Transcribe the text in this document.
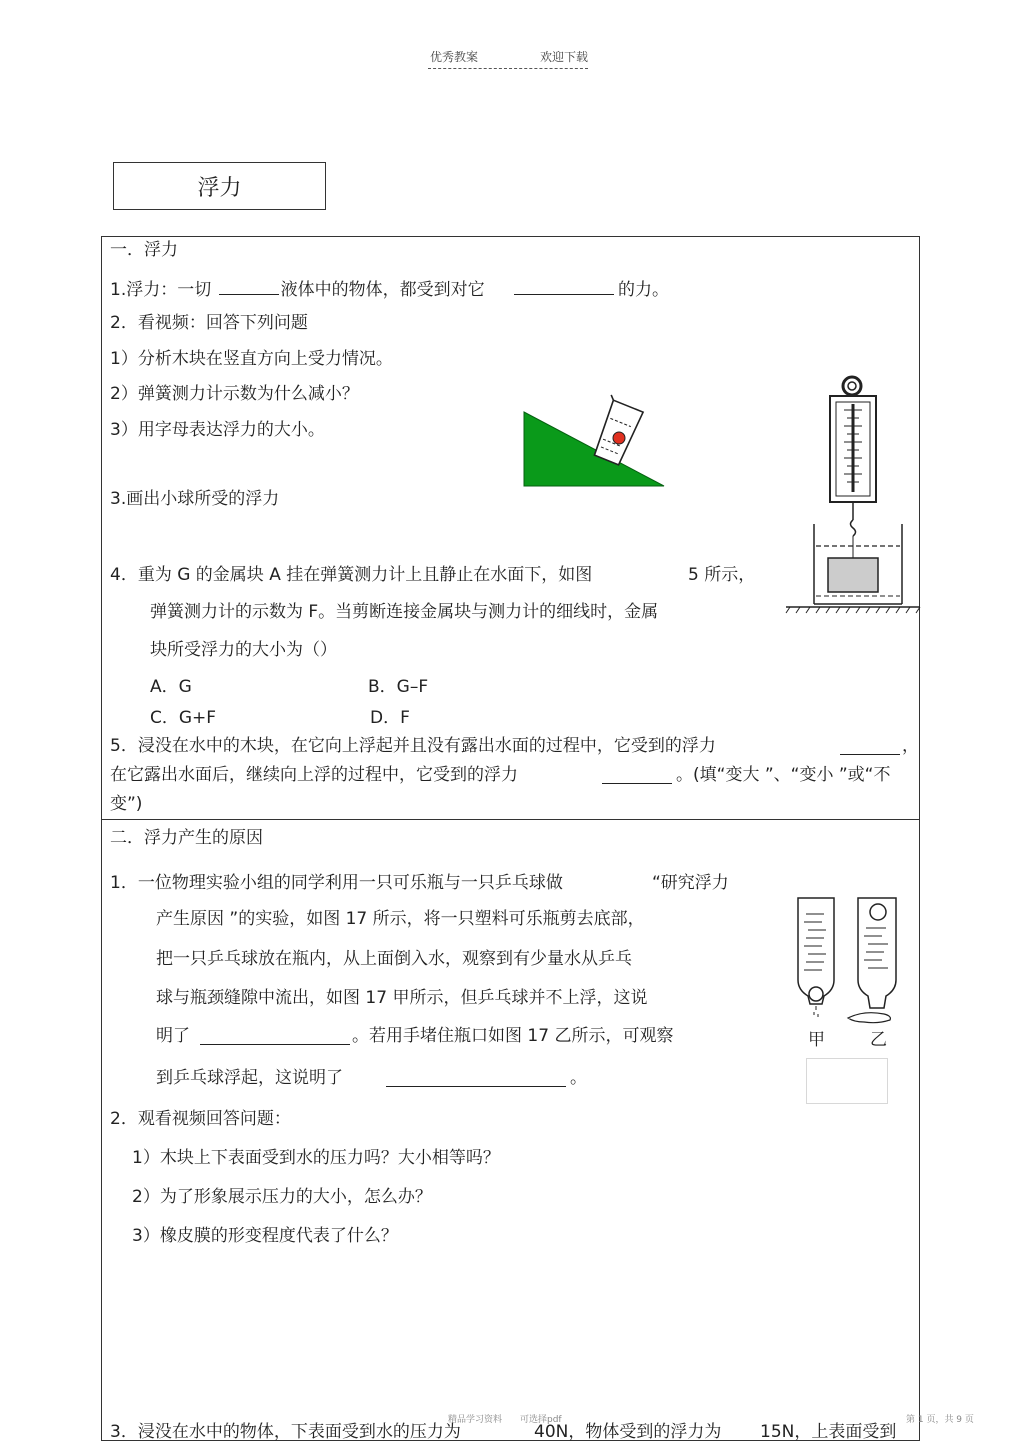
优秀教案	欢迎下载
浮力
一．浮力
1.浮力：一切	液体中的物体，都受到对它	的力。
2．看视频：回答下列问题
1）分析木块在竖直方向上受力情况。
2）弹簧测力计示数为什么减小？
3）用字母表达浮力的大小。
3.画出小球所受的浮力
4．重为 G 的金属块 A 挂在弹簧测力计上且静止在水面下，如图	5 所示，
弹簧测力计的示数为 F。当剪断连接金属块与测力计的细线时，金属
块所受浮力的大小为（）
A．G	B．G–F
C．G+F	D．F
5．浸没在水中的木块，在它向上浮起并且没有露出水面的过程中，它受到的浮力	，
在它露出水面后，继续向上浮的过程中，它受到的浮力	。(填“变大 ”、“变小 ”或“不
变”)
二．浮力产生的原因
1．一位物理实验小组的同学利用一只可乐瓶与一只乒乓球做	“研究浮力
产生原因 ”的实验，如图 17 所示，将一只塑料可乐瓶剪去底部，
把一只乒乓球放在瓶内，从上面倒入水，观察到有少量水从乒乓
球与瓶颈缝隙中流出，如图 17 甲所示，但乒乓球并不上浮，这说
明了	。若用手堵住瓶口如图 17 乙所示，可观察
到乒乓球浮起，这说明了	。
甲	乙
2．观看视频回答问题：
1）木块上下表面受到水的压力吗？大小相等吗？
2）为了形象展示压力的大小，怎么办？
3）橡皮膜的形变程度代表了什么？
3．浸没在水中的物体，下表面受到水的压力为	40N，物体受到的浮力为 15N，上表面受到
精品学习资料 可选择pdf	第 1 页，共 9 页
